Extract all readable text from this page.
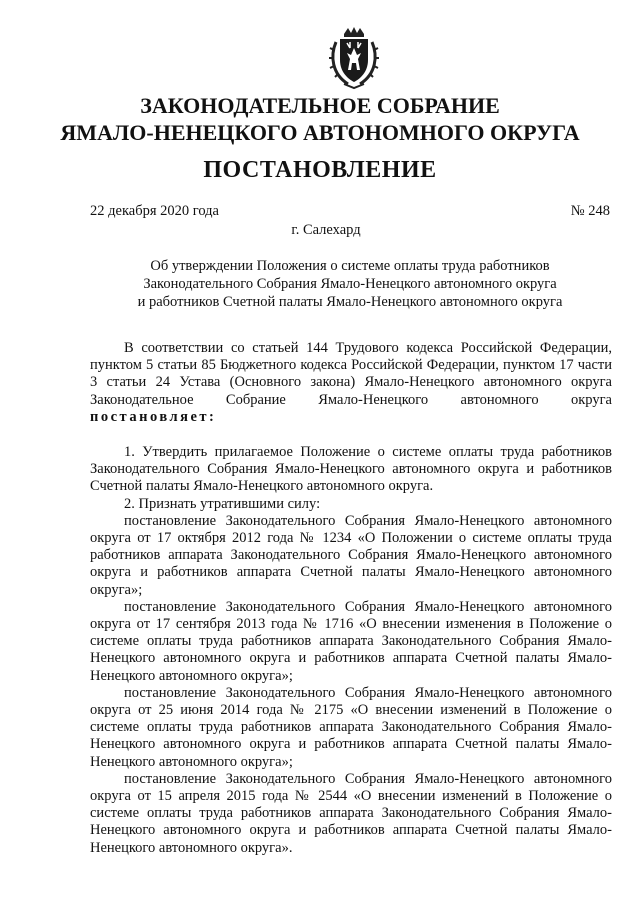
ЗАКОНОДАТЕЛЬНОЕ СОБРАНИЕ
ЯМАЛО-НЕНЕЦКОГО АВТОНОМНОГО ОКРУГА
ПОСТАНОВЛЕНИЕ
22 декабря 2020 года	№ 248
г. Салехард
Об утверждении Положения о системе оплаты труда работников
Законодательного Собрания Ямало-Ненецкого автономного округа
и работников Счетной палаты Ямало-Ненецкого автономного округа

В соответствии со статьей 144 Трудового кодекса Российской Федерации, пунктом 5 статьи 85 Бюджетного кодекса Российской Федерации, пунктом 17 части 3 статьи 24 Устава (Основного закона) Ямало-Ненецкого автономного округа Законодательное Собрание Ямало-Ненецкого автономного округа постановляет:

1. Утвердить прилагаемое Положение о системе оплаты труда работников Законодательного Собрания Ямало-Ненецкого автономного округа и работников Счетной палаты Ямало-Ненецкого автономного округа.

2. Признать утратившими силу:

постановление Законодательного Собрания Ямало-Ненецкого автономного округа от 17 октября 2012 года № 1234 «О Положении о системе оплаты труда работников аппарата Законодательного Собрания Ямало-Ненецкого автономного округа и работников аппарата Счетной палаты Ямало-Ненецкого автономного округа»;

постановление Законодательного Собрания Ямало-Ненецкого автономного округа от 17 сентября 2013 года № 1716 «О внесении изменения в Положение о системе оплаты труда работников аппарата Законодательного Собрания Ямало-Ненецкого автономного округа и работников аппарата Счетной палаты Ямало-Ненецкого автономного округа»;

постановление Законодательного Собрания Ямало-Ненецкого автономного округа от 25 июня 2014 года № 2175 «О внесении изменений в Положение о системе оплаты труда работников аппарата Законодательного Собрания Ямало-Ненецкого автономного округа и работников аппарата Счетной палаты Ямало-Ненецкого автономного округа»;

постановление Законодательного Собрания Ямало-Ненецкого автономного округа от 15 апреля 2015 года № 2544 «О внесении изменений в Положение о системе оплаты труда работников аппарата Законодательного Собрания Ямало-Ненецкого автономного округа и работников аппарата Счетной палаты Ямало-Ненецкого автономного округа».
